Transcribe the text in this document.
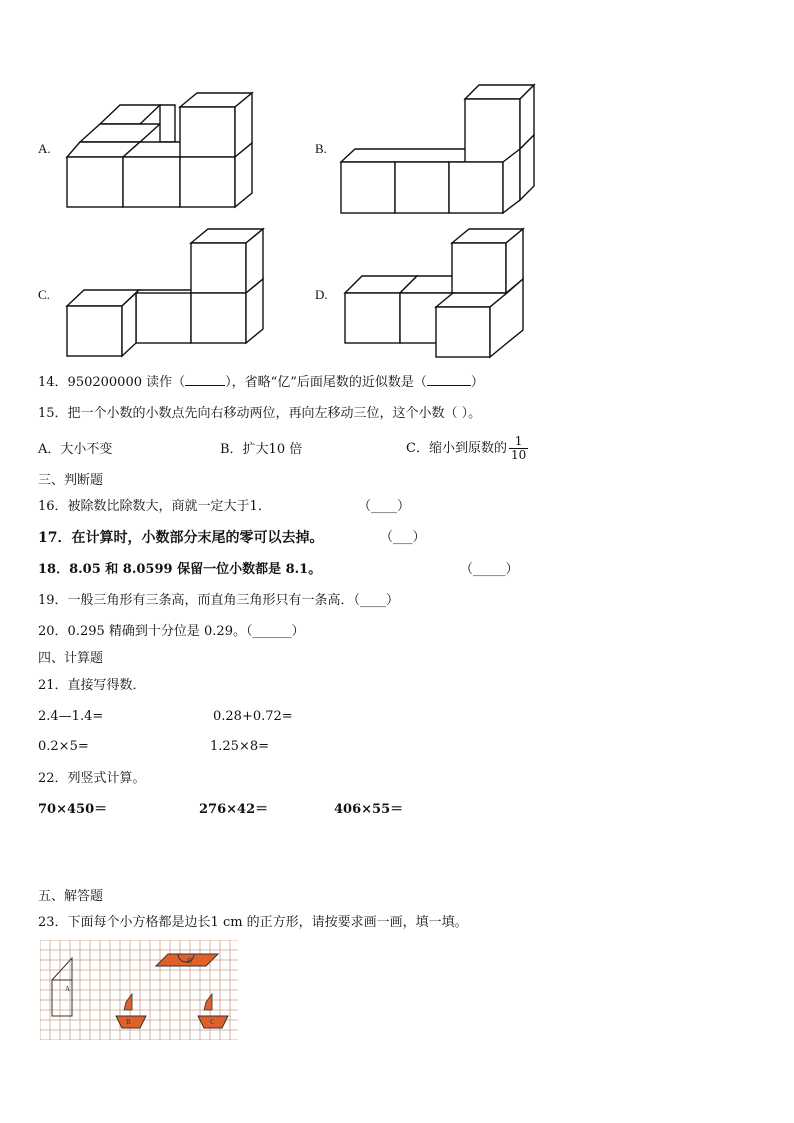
A.	B.
C.	D.
14．950200000 读作（	），省略“亿”后面尾数的近似数是（	）
15．把一个小数的小数点先向右移动两位，再向左移动三位，这个小数（ ）。
A．大小不变	B．扩大10 倍	C．缩小到原数的 $\frac{1}{10}$
三、判断题
16．被除数比除数大，商就一定大于1．	（____）
17．在计算时，小数部分末尾的零可以去掉。	（___）
18．8.05 和 8.0599 保留一位小数都是 8.1。	（_____）
19．一般三角形有三条高，而直角三角形只有一条高．（____）
20．0.295 精确到十分位是 0.29。（______）
四、计算题
21．直接写得数．
2.4—1.4=	0.28+0.72=
0.2×5=	1.25×8=
22．列竖式计算。
70×450＝	276×42＝	406×55＝
五、解答题
23．下面每个小方格都是边长1 cm 的正方形，请按要求画一画，填一填。
A
D
B	C
